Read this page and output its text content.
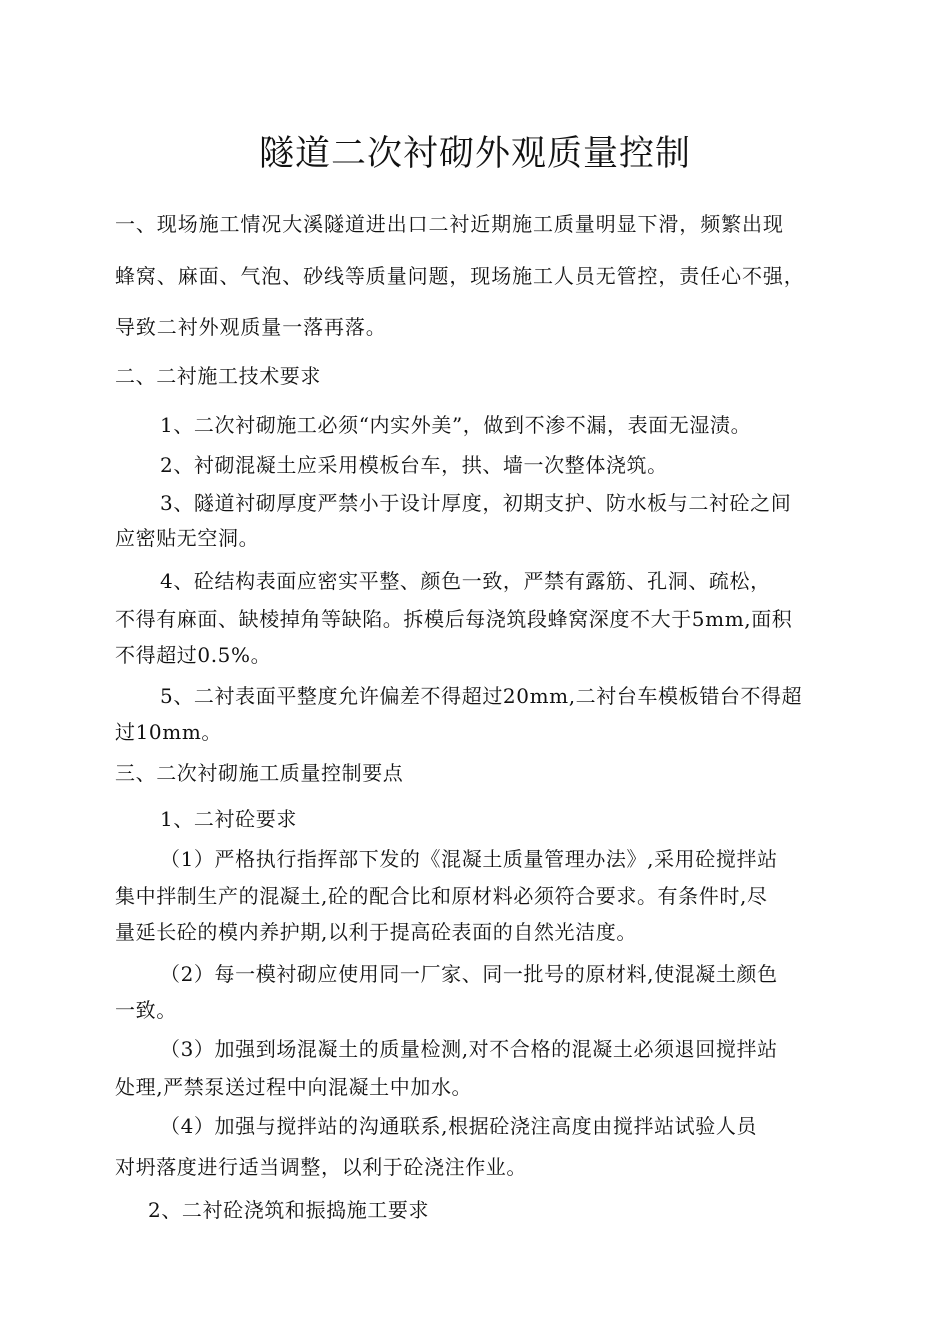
隧道二次衬砌外观质量控制
一、现场施工情况大溪隧道进出口二衬近期施工质量明显下滑，频繁出现
蜂窝、麻面、气泡、砂线等质量问题，现场施工人员无管控，责任心不强，
导致二衬外观质量一落再落。
二、二衬施工技术要求
1、二次衬砌施工必须“内实外美”，做到不渗不漏，表面无湿渍。
2、衬砌混凝土应采用模板台车，拱、墙一次整体浇筑。
3、隧道衬砌厚度严禁小于设计厚度，初期支护、防水板与二衬砼之间
应密贴无空洞。
4、砼结构表面应密实平整、颜色一致，严禁有露筋、孔洞、疏松，
不得有麻面、缺棱掉角等缺陷。拆模后每浇筑段蜂窝深度不大于5mm,面积
不得超过0.5%。
5、二衬表面平整度允许偏差不得超过20mm,二衬台车模板错台不得超
过10mm。
三、二次衬砌施工质量控制要点
1、二衬砼要求
（1）严格执行指挥部下发的《混凝土质量管理办法》,采用砼搅拌站
集中拌制生产的混凝土,砼的配合比和原材料必须符合要求。有条件时,尽
量延长砼的模内养护期,以利于提高砼表面的自然光洁度。
（2）每一模衬砌应使用同一厂家、同一批号的原材料,使混凝土颜色
一致。
（3）加强到场混凝土的质量检测,对不合格的混凝土必须退回搅拌站
处理,严禁泵送过程中向混凝土中加水。
（4）加强与搅拌站的沟通联系,根据砼浇注高度由搅拌站试验人员
对坍落度进行适当调整，以利于砼浇注作业。
2、二衬砼浇筑和振捣施工要求
